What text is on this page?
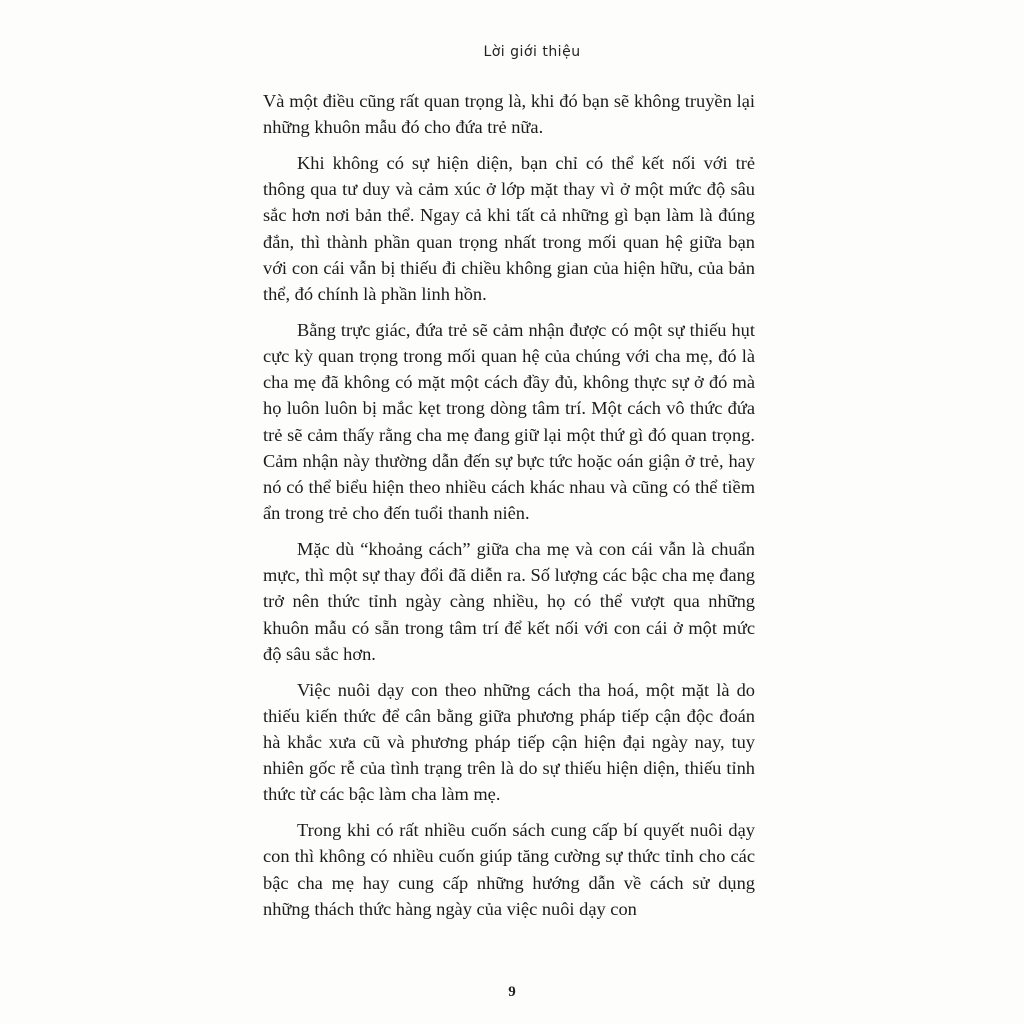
Lời giới thiệu

Và một điều cũng rất quan trọng là, khi đó bạn sẽ không truyền lại những khuôn mẫu đó cho đứa trẻ nữa.

Khi không có sự hiện diện, bạn chỉ có thể kết nối với trẻ thông qua tư duy và cảm xúc ở lớp mặt thay vì ở một mức độ sâu sắc hơn nơi bản thể. Ngay cả khi tất cả những gì bạn làm là đúng đắn, thì thành phần quan trọng nhất trong mối quan hệ giữa bạn với con cái vẫn bị thiếu đi chiều không gian của hiện hữu, của bản thể, đó chính là phần linh hồn.

Bằng trực giác, đứa trẻ sẽ cảm nhận được có một sự thiếu hụt cực kỳ quan trọng trong mối quan hệ của chúng với cha mẹ, đó là cha mẹ đã không có mặt một cách đầy đủ, không thực sự ở đó mà họ luôn luôn bị mắc kẹt trong dòng tâm trí. Một cách vô thức đứa trẻ sẽ cảm thấy rằng cha mẹ đang giữ lại một thứ gì đó quan trọng. Cảm nhận này thường dẫn đến sự bực tức hoặc oán giận ở trẻ, hay nó có thể biểu hiện theo nhiều cách khác nhau và cũng có thể tiềm ẩn trong trẻ cho đến tuổi thanh niên.

Mặc dù “khoảng cách” giữa cha mẹ và con cái vẫn là chuẩn mực, thì một sự thay đổi đã diễn ra. Số lượng các bậc cha mẹ đang trở nên thức tỉnh ngày càng nhiều, họ có thể vượt qua những khuôn mẫu có sẵn trong tâm trí để kết nối với con cái ở một mức độ sâu sắc hơn.

Việc nuôi dạy con theo những cách tha hoá, một mặt là do thiếu kiến thức để cân bằng giữa phương pháp tiếp cận độc đoán hà khắc xưa cũ và phương pháp tiếp cận hiện đại ngày nay, tuy nhiên gốc rễ của tình trạng trên là do sự thiếu hiện diện, thiếu tỉnh thức từ các bậc làm cha làm mẹ.

Trong khi có rất nhiều cuốn sách cung cấp bí quyết nuôi dạy con thì không có nhiều cuốn giúp tăng cường sự thức tỉnh cho các bậc cha mẹ hay cung cấp những hướng dẫn về cách sử dụng những thách thức hàng ngày của việc nuôi dạy con

9
